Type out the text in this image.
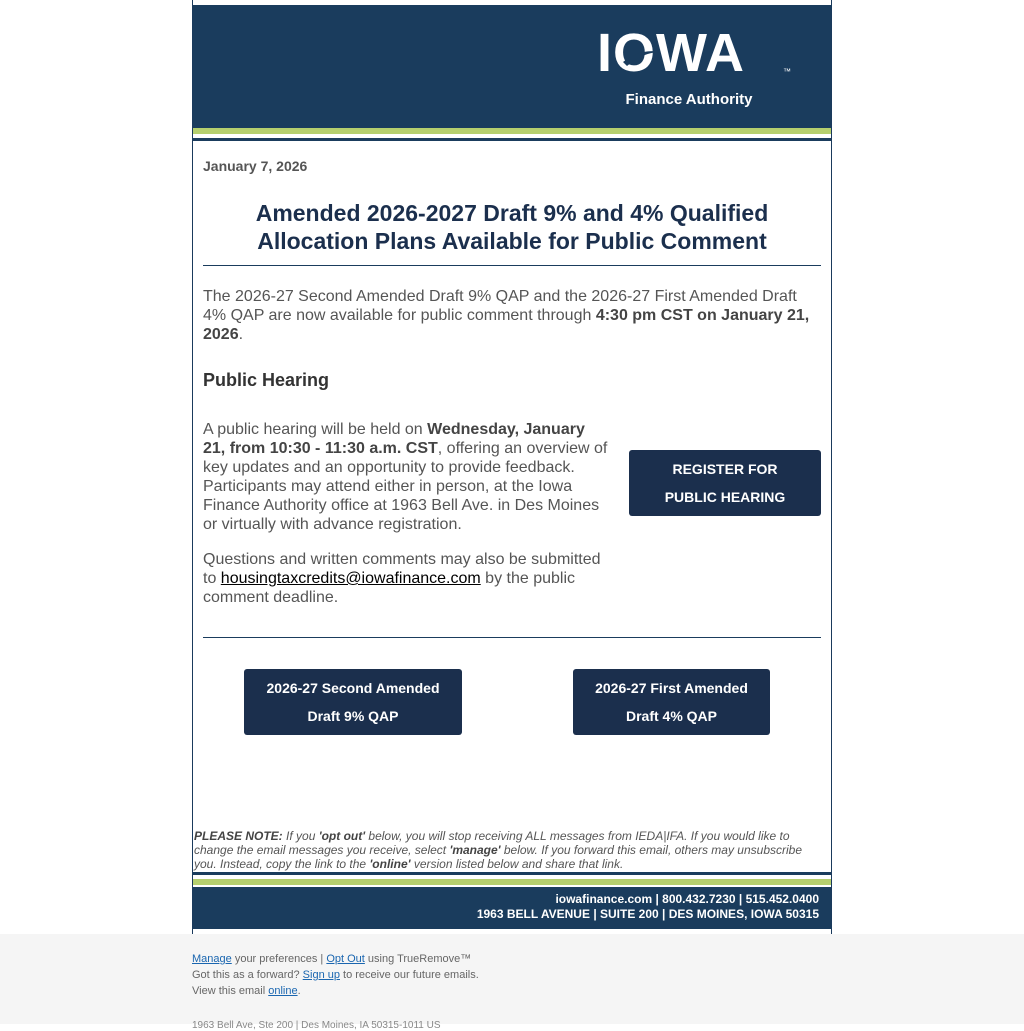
IOWA	™
Finance Authority
January 7, 2026
Amended 2026-2027 Draft 9% and 4% Qualified
Allocation Plans Available for Public Comment
The 2026-27 Second Amended Draft 9% QAP and the 2026-27 First Amended Draft 4% QAP are now available for public comment through 4:30 pm CST on January 21, 2026.
Public Hearing
A public hearing will be held on Wednesday, January 21, from 10:30 - 11:30 a.m. CST, offering an overview of key updates and an opportunity to provide feedback. Participants may attend either in person, at the Iowa Finance Authority office at 1963 Bell Ave. in Des Moines or virtually with advance registration.
Questions and written comments may also be submitted to housingtaxcredits@iowafinance.com by the public comment deadline.
REGISTER FOR
PUBLIC HEARING
2026-27 Second Amended
Draft 9% QAP
2026-27 First Amended
Draft 4% QAP
PLEASE NOTE: If you 'opt out' below, you will stop receiving ALL messages from IEDA|IFA. If you would like to change the email messages you receive, select 'manage' below. If you forward this email, others may unsubscribe you. Instead, copy the link to the 'online' version listed below and share that link.
iowafinance.com | 800.432.7230 | 515.452.0400
1963 BELL AVENUE | SUITE 200 | DES MOINES, IOWA 50315
Manage your preferences | Opt Out using TrueRemove™
Got this as a forward? Sign up to receive our future emails.
View this email online.
1963 Bell Ave, Ste 200 | Des Moines, IA 50315-1011 US
